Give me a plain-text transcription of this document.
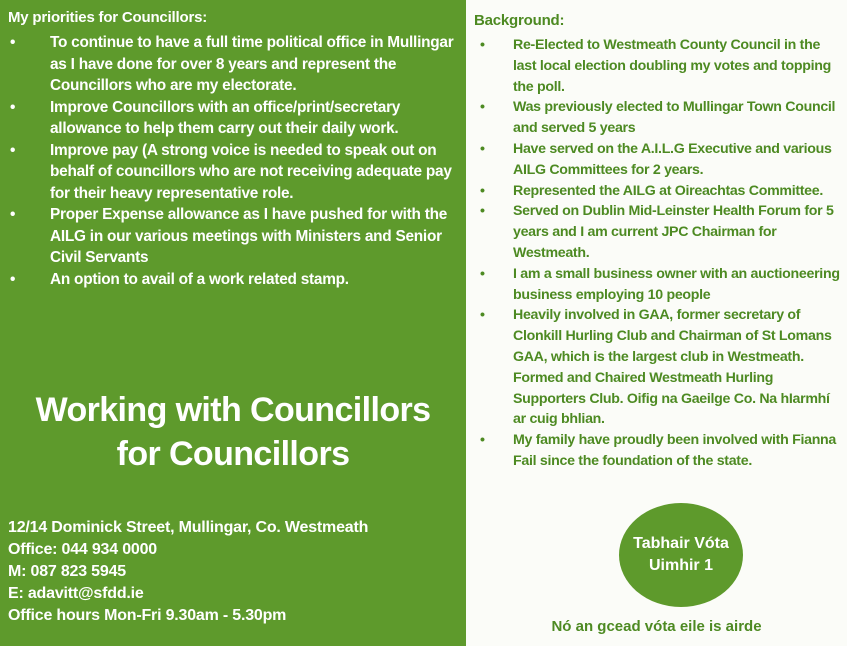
My priorities for Councillors:
• To continue to have a full time political office in Mullingar as I have done for over 8 years and represent the Councillors who are my electorate.
• Improve Councillors with an office/print/secretary allowance to help them carry out their daily work.
• Improve pay (A strong voice is needed to speak out on behalf of councillors who are not receiving adequate pay for their heavy representative role.
• Proper Expense allowance as I have pushed for with the AILG in our various meetings with Ministers and Senior Civil Servants
• An option to avail of a work related stamp.
Working with Councillors
for Councillors
12/14 Dominick Street, Mullingar, Co. Westmeath
Office: 044 934 0000
M: 087 823 5945
E: adavitt@sfdd.ie
Office hours Mon-Fri 9.30am - 5.30pm
Background:
• Re-Elected to Westmeath County Council in the last local election doubling my votes and topping the poll.
• Was previously elected to Mullingar Town Council and served 5 years
• Have served on the A.I.L.G Executive and various AILG Committees for 2 years.
• Represented the AILG at Oireachtas Committee.
• Served on Dublin Mid-Leinster Health Forum for 5 years and I am current JPC Chairman for Westmeath.
• I am a small business owner with an auctioneering business employing 10 people
• Heavily involved in GAA, former secretary of Clonkill Hurling Club and Chairman of St Lomans GAA, which is the largest club in Westmeath. Formed and Chaired Westmeath Hurling Supporters Club. Oifig na Gaeilge Co. Na hIarmhí ar cuig bhlian.
• My family have proudly been involved with Fianna Fail since the foundation of the state.
Tabhair Vóta
Uimhir 1
Nó an gcead vóta eile is airde
